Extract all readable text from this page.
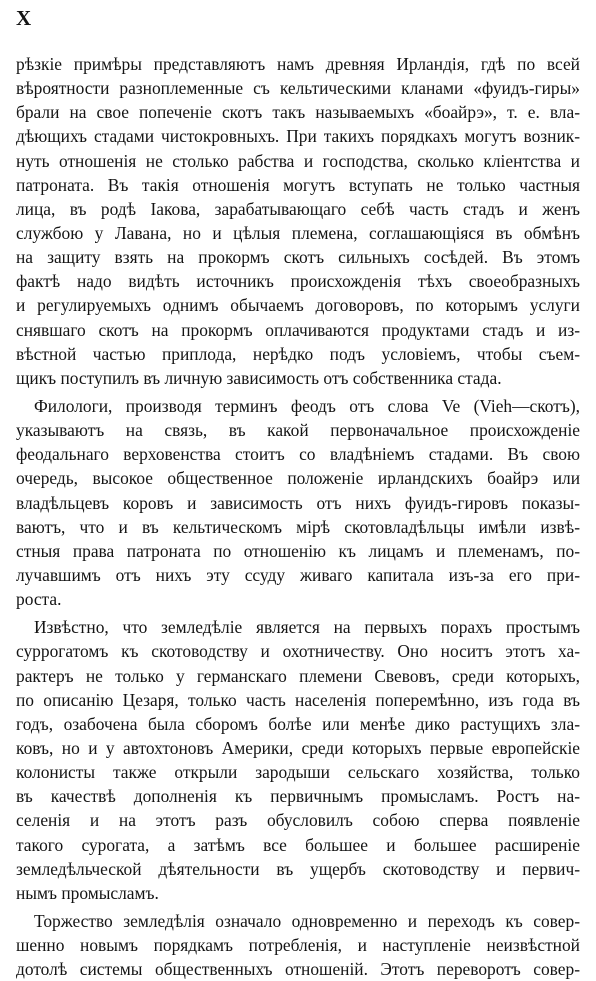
X
рѣзкіе примѣры представляютъ намъ древняя Ирландія, гдѣ по всей
вѣроятности разноплеменные съ кельтическими кланами «фуидъ-гиры»
брали на свое попеченіе скотъ такъ называемыхъ «боайрэ», т. е. вла-
дѣющихъ стадами чистокровныхъ. При такихъ порядкахъ могутъ возник-
нуть отношенія не столько рабства и господства, сколько кліентства и
патроната. Въ такія отношенія могутъ вступать не только частныя
лица, въ родѣ Іакова, зарабатывающаго себѣ часть стадъ и женъ
службою у Лавана, но и цѣлыя племена, соглашающіяся въ обмѣнъ
на защиту взять на прокормъ скотъ сильныхъ сосѣдей. Въ этомъ
фактѣ надо видѣть источникъ происхожденія тѣхъ своеобразныхъ
и регулируемыхъ однимъ обычаемъ договоровъ, по которымъ услуги
снявшаго скотъ на прокормъ оплачиваются продуктами стадъ и из-
вѣстной частью приплода, нерѣдко подъ условіемъ, чтобы съем-
щикъ поступилъ въ личную зависимость отъ собственника стада.
Филологи, производя терминъ феодъ отъ слова Ve (Vieh—скотъ),
указываютъ на связь, въ какой первоначальное происхожденіе
феодальнаго верховенства стоитъ со владѣніемъ стадами. Въ свою
очередь, высокое общественное положеніе ирландскихъ боайрэ или
владѣльцевъ коровъ и зависимость отъ нихъ фуидъ-гировъ показы-
ваютъ, что и въ кельтическомъ мірѣ скотовладѣльцы имѣли извѣ-
стныя права патроната по отношенію къ лицамъ и племенамъ, по-
лучавшимъ отъ нихъ эту ссуду живаго капитала изъ-за его при-
роста.
Извѣстно, что земледѣліе является на первыхъ порахъ простымъ
суррогатомъ къ скотоводству и охотничеству. Оно носитъ этотъ ха-
рактеръ не только у германскаго племени Свевовъ, среди которыхъ,
по описанію Цезаря, только часть населенія поперемѣнно, изъ года въ
годъ, озабочена была сборомъ болѣе или менѣе дико растущихъ зла-
ковъ, но и у автохтоновъ Америки, среди которыхъ первые европейскіе
колонисты также открыли зародыши сельскаго хозяйства, только
въ качествѣ дополненія къ первичнымъ промысламъ. Ростъ на-
селенія и на этотъ разъ обусловилъ собою сперва появленіе
такого сурогата, а затѣмъ все большее и большее расширеніе
земледѣльческой дѣятельности въ ущербъ скотоводству и первич-
нымъ промысламъ.
Торжество земледѣлія означало одновременно и переходъ къ совер-
шенно новымъ порядкамъ потребленія, и наступленіе неизвѣстной
дотолѣ системы общественныхъ отношеній. Этотъ переворотъ совер-
